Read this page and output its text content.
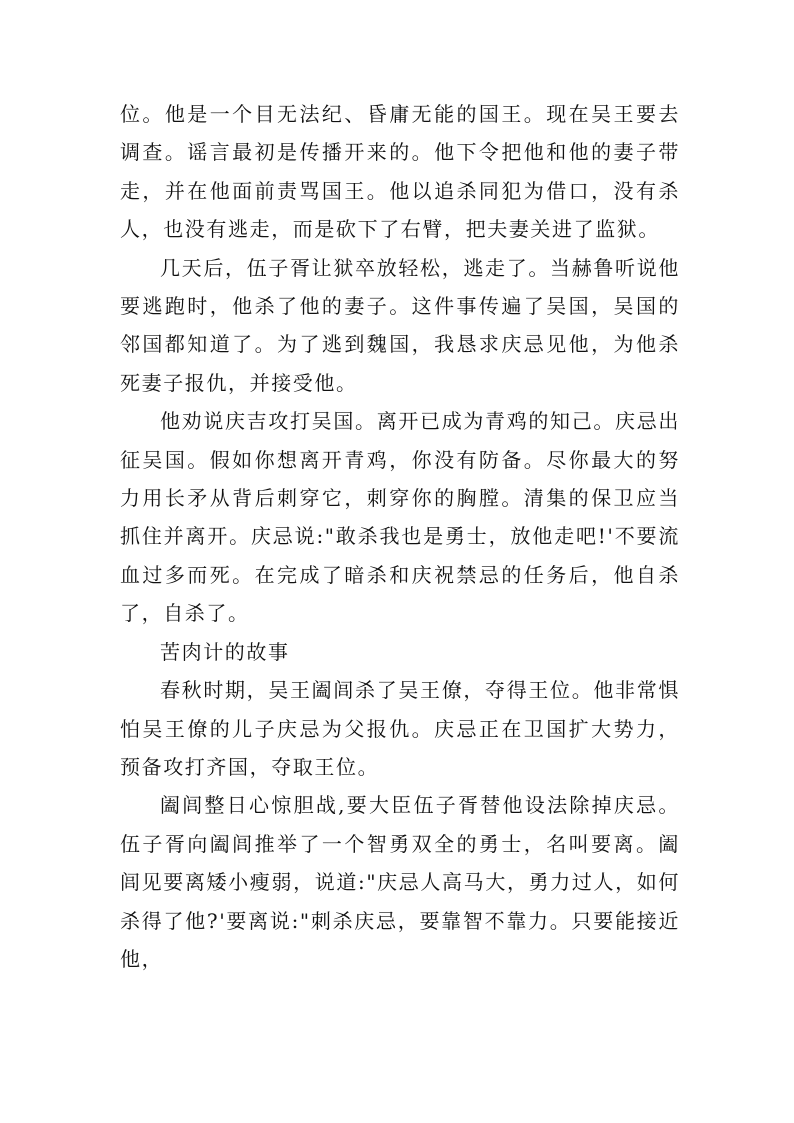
位。他是一个目无法纪、昏庸无能的国王。现在吴王要去调查。谣言最初是传播开来的。他下令把他和他的妻子带走，并在他面前责骂国王。他以追杀同犯为借口，没有杀人，也没有逃走，而是砍下了右臂，把夫妻关进了监狱。

几天后，伍子胥让狱卒放轻松，逃走了。当赫鲁听说他要逃跑时，他杀了他的妻子。这件事传遍了吴国，吴国的邻国都知道了。为了逃到魏国，我恳求庆忌见他，为他杀死妻子报仇，并接受他。

他劝说庆吉攻打吴国。离开已成为青鸡的知己。庆忌出征吴国。假如你想离开青鸡，你没有防备。尽你最大的努力用长矛从背后刺穿它，刺穿你的胸膛。清集的保卫应当抓住并离开。庆忌说:"敢杀我也是勇士，放他走吧!'不要流血过多而死。在完成了暗杀和庆祝禁忌的任务后，他自杀了，自杀了。

苦肉计的故事

春秋时期，吴王阖闾杀了吴王僚，夺得王位。他非常惧怕吴王僚的儿子庆忌为父报仇。庆忌正在卫国扩大势力，预备攻打齐国，夺取王位。

阖闾整日心惊胆战,要大臣伍子胥替他设法除掉庆忌。伍子胥向阖闾推举了一个智勇双全的勇士，名叫要离。阖闾见要离矮小瘦弱，说道:"庆忌人高马大，勇力过人，如何杀得了他?'要离说:"刺杀庆忌，要靠智不靠力。只要能接近他，
